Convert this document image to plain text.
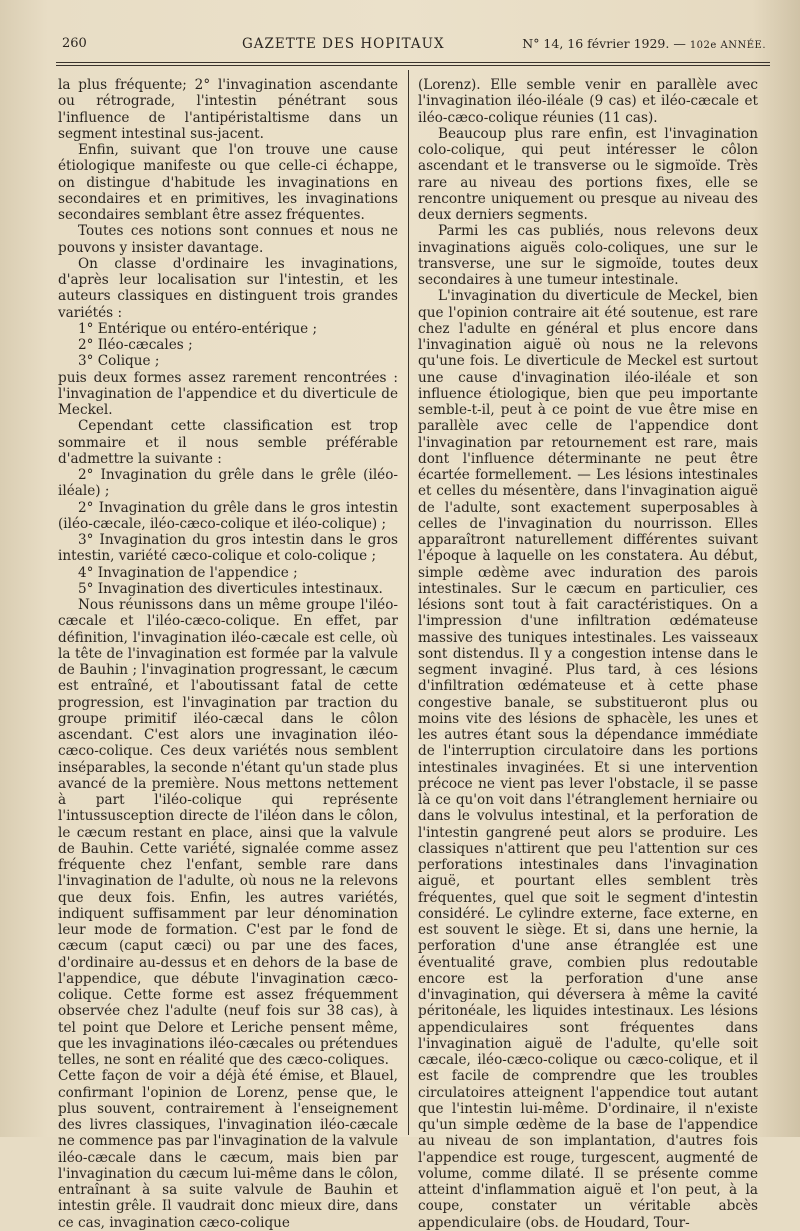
260	GAZETTE DES HOPITAUX	N° 14, 16 février 1929. — 102e ANNÉE.

la plus fréquente; 2° l'invagination ascendante ou rétrograde, l'intestin pénétrant sous l'influence de l'antipéristaltisme dans un segment intestinal sus-jacent.

Enfin, suivant que l'on trouve une cause étiologique manifeste ou que celle-ci échappe, on distingue d'habitude les invaginations en secondaires et en primitives, les invaginations secondaires semblant être assez fréquentes.

Toutes ces notions sont connues et nous ne pouvons y insister davantage.

On classe d'ordinaire les invaginations, d'après leur localisation sur l'intestin, et les auteurs classiques en distinguent trois grandes variétés :

1° Entérique ou entéro-entérique ;

2° Iléo-cæcales ;

3° Colique ;

puis deux formes assez rarement rencontrées : l'invagination de l'appendice et du diverticule de Meckel.

Cependant cette classification est trop sommaire et il nous semble préférable d'admettre la suivante :

2° Invagination du grêle dans le grêle (iléo-iléale) ;

2° Invagination du grêle dans le gros intestin (iléo-cæcale, iléo-cæco-colique et iléo-colique) ;

3° Invagination du gros intestin dans le gros intestin, variété cæco-colique et colo-colique ;

4° Invagination de l'appendice ;

5° Invagination des diverticules intestinaux.

Nous réunissons dans un même groupe l'iléo-cæcale et l'iléo-cæco-colique. En effet, par définition, l'invagination iléo-cæcale est celle, où la tête de l'invagination est formée par la valvule de Bauhin ; l'invagination progressant, le cæcum est entraîné, et l'aboutissant fatal de cette progression, est l'invagination par traction du groupe primitif iléo-cæcal dans le côlon ascendant. C'est alors une invagination iléo-cæco-colique. Ces deux variétés nous semblent inséparables, la seconde n'étant qu'un stade plus avancé de la première. Nous mettons nettement à part l'iléo-colique qui représente l'intussusception directe de l'iléon dans le côlon, le cæcum restant en place, ainsi que la valvule de Bauhin. Cette variété, signalée comme assez fréquente chez l'enfant, semble rare dans l'invagination de l'adulte, où nous ne la relevons que deux fois. Enfin, les autres variétés, indiquent suffisamment par leur dénomination leur mode de formation. C'est par le fond de cæcum (caput cæci) ou par une des faces, d'ordinaire au-dessus et en dehors de la base de l'appendice, que débute l'invagination cæco-colique. Cette forme est assez fréquemment observée chez l'adulte (neuf fois sur 38 cas), à tel point que Delore et Leriche pensent même, que les invaginations iléo-cæcales ou prétendues telles, ne sont en réalité que des cæco-coliques.

Cette façon de voir a déjà été émise, et Blauel, confirmant l'opinion de Lorenz, pense que, le plus souvent, contrairement à l'enseignement des livres classiques, l'invagination iléo-cæcale ne commence pas par l'invagination de la valvule iléo-cæcale dans le cæcum, mais bien par l'invagination du cæcum lui-même dans le côlon, entraînant à sa suite valvule de Bauhin et intestin grêle. Il vaudrait donc mieux dire, dans ce cas, invagination cæco-colique

(Lorenz). Elle semble venir en parallèle avec l'invagination iléo-iléale (9 cas) et iléo-cæcale et iléo-cæco-colique réunies (11 cas).

Beaucoup plus rare enfin, est l'invagination colo-colique, qui peut intéresser le côlon ascendant et le transverse ou le sigmoïde. Très rare au niveau des portions fixes, elle se rencontre uniquement ou presque au niveau des deux derniers segments.

Parmi les cas publiés, nous relevons deux invaginations aiguës colo-coliques, une sur le transverse, une sur le sigmoïde, toutes deux secondaires à une tumeur intestinale.

L'invagination du diverticule de Meckel, bien que l'opinion contraire ait été soutenue, est rare chez l'adulte en général et plus encore dans l'invagination aiguë où nous ne la relevons qu'une fois. Le diverticule de Meckel est surtout une cause d'invagination iléo-iléale et son influence étiologique, bien que peu importante semble-t-il, peut à ce point de vue être mise en parallèle avec celle de l'appendice dont l'invagination par retournement est rare, mais dont l'influence déterminante ne peut être écartée formellement. — Les lésions intestinales et celles du mésentère, dans l'invagination aiguë de l'adulte, sont exactement superposables à celles de l'invagination du nourrisson. Elles apparaîtront naturellement différentes suivant l'époque à laquelle on les constatera. Au début, simple œdème avec induration des parois intestinales. Sur le cæcum en particulier, ces lésions sont tout à fait caractéristiques. On a l'impression d'une infiltration œdémateuse massive des tuniques intestinales. Les vaisseaux sont distendus. Il y a congestion intense dans le segment invaginé. Plus tard, à ces lésions d'infiltration œdémateuse et à cette phase congestive banale, se substitueront plus ou moins vite des lésions de sphacèle, les unes et les autres étant sous la dépendance immédiate de l'interruption circulatoire dans les portions intestinales invaginées. Et si une intervention précoce ne vient pas lever l'obstacle, il se passe là ce qu'on voit dans l'étranglement herniaire ou dans le volvulus intestinal, et la perforation de l'intestin gangrené peut alors se produire. Les classiques n'attirent que peu l'attention sur ces perforations intestinales dans l'invagination aiguë, et pourtant elles semblent très fréquentes, quel que soit le segment d'intestin considéré. Le cylindre externe, face externe, en est souvent le siège. Et si, dans une hernie, la perforation d'une anse étranglée est une éventualité grave, combien plus redoutable encore est la perforation d'une anse d'invagination, qui déversera à même la cavité péritonéale, les liquides intestinaux. Les lésions appendiculaires sont fréquentes dans l'invagination aiguë de l'adulte, qu'elle soit cæcale, iléo-cæco-colique ou cæco-colique, et il est facile de comprendre que les troubles circulatoires atteignent l'appendice tout autant que l'intestin lui-même. D'ordinaire, il n'existe qu'un simple œdème de la base de l'appendice au niveau de son implantation, d'autres fois l'appendice est rouge, turgescent, augmenté de volume, comme dilaté. Il se présente comme atteint d'inflammation aiguë et l'on peut, à la coupe, constater un véritable abcès appendiculaire (obs. de Houdard, Tour-
